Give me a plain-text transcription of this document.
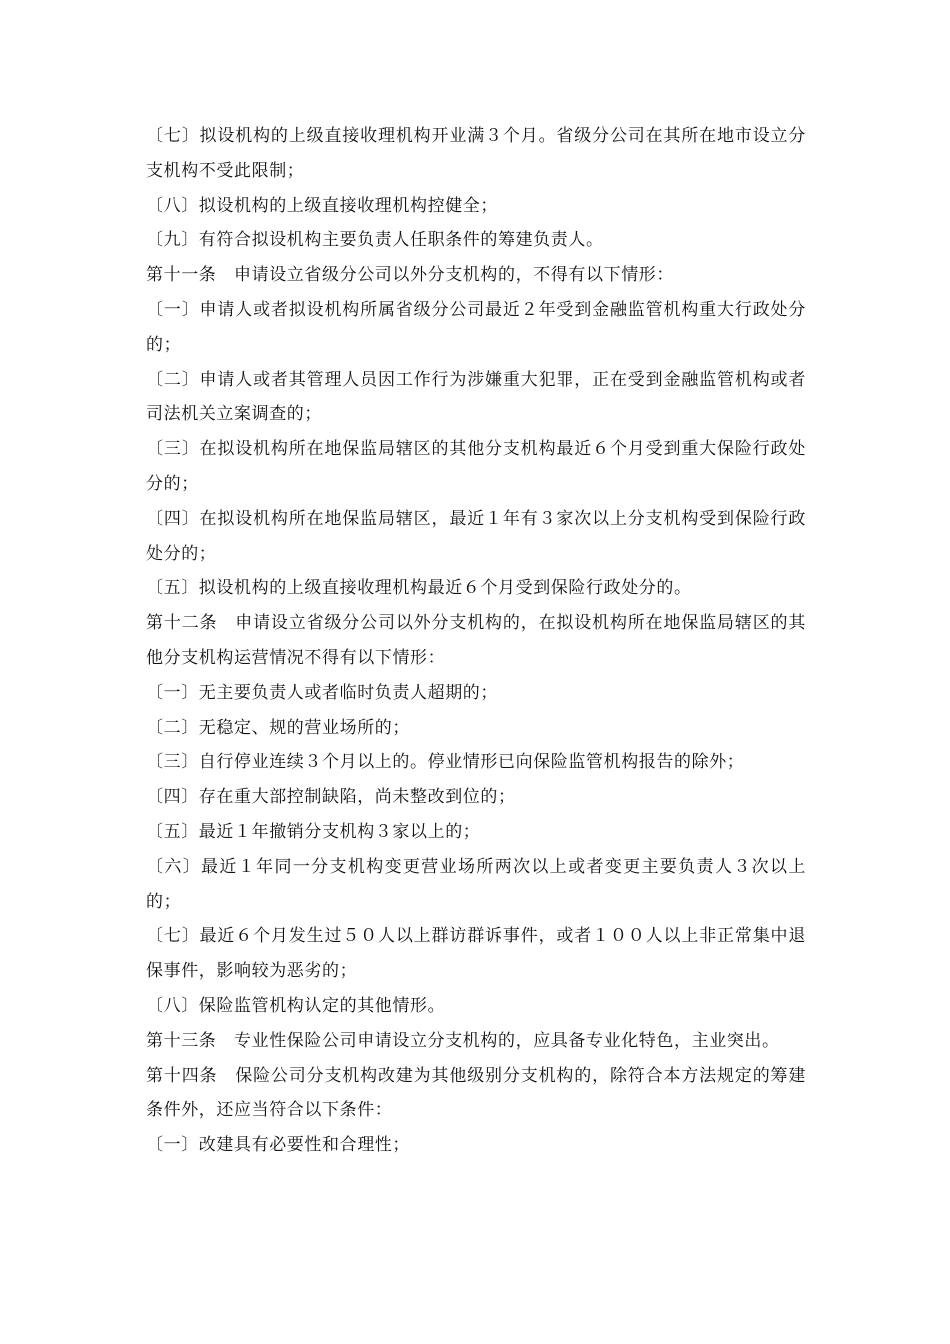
〔七〕拟设机构的上级直接收理机构开业满３个月。省级分公司在其所在地市设立分支机构不受此限制；

〔八〕拟设机构的上级直接收理机构控健全；

〔九〕有符合拟设机构主要负责人任职条件的筹建负责人。

第十一条　申请设立省级分公司以外分支机构的，不得有以下情形：

〔一〕申请人或者拟设机构所属省级分公司最近２年受到金融监管机构重大行政处分的；

〔二〕申请人或者其管理人员因工作行为涉嫌重大犯罪，正在受到金融监管机构或者司法机关立案调查的；

〔三〕在拟设机构所在地保监局辖区的其他分支机构最近６个月受到重大保险行政处分的；

〔四〕在拟设机构所在地保监局辖区，最近１年有３家次以上分支机构受到保险行政处分的；

〔五〕拟设机构的上级直接收理机构最近６个月受到保险行政处分的。

第十二条　申请设立省级分公司以外分支机构的，在拟设机构所在地保监局辖区的其他分支机构运营情况不得有以下情形：

〔一〕无主要负责人或者临时负责人超期的；

〔二〕无稳定、规的营业场所的；

〔三〕自行停业连续３个月以上的。停业情形已向保险监管机构报告的除外；

〔四〕存在重大部控制缺陷，尚未整改到位的；

〔五〕最近１年撤销分支机构３家以上的；

〔六〕最近１年同一分支机构变更营业场所两次以上或者变更主要负责人３次以上的；

〔七〕最近６个月发生过５０人以上群访群诉事件，或者１００人以上非正常集中退保事件，影响较为恶劣的；

〔八〕保险监管机构认定的其他情形。

第十三条　专业性保险公司申请设立分支机构的，应具备专业化特色，主业突出。

第十四条　保险公司分支机构改建为其他级别分支机构的，除符合本方法规定的筹建条件外，还应当符合以下条件：

〔一〕改建具有必要性和合理性；
